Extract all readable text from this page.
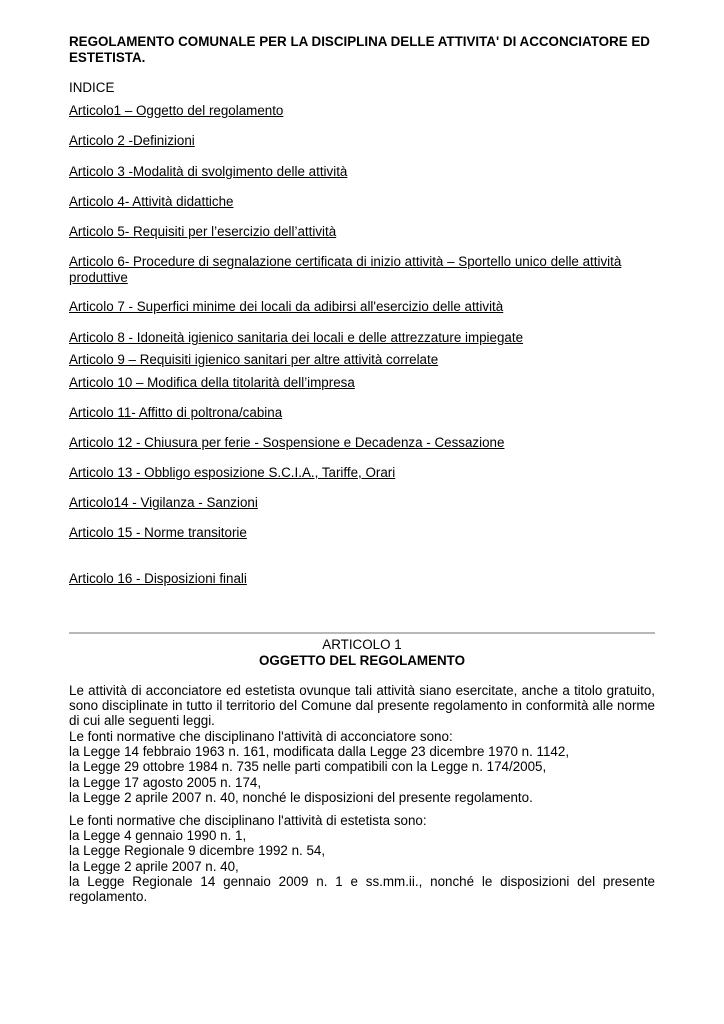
REGOLAMENTO COMUNALE PER LA DISCIPLINA DELLE ATTIVITA' DI ACCONCIATORE ED ESTETISTA.
INDICE
Articolo1 – Oggetto del regolamento
Articolo 2 -Definizioni
Articolo 3 -Modalità di svolgimento delle attività
Articolo 4- Attività didattiche
Articolo 5- Requisiti per l’esercizio dell’attività
Articolo 6- Procedure di segnalazione certificata di inizio attività – Sportello unico delle attività produttive
Articolo 7 - Superfici minime dei locali da adibirsi all'esercizio delle attività
Articolo 8 - Idoneità igienico sanitaria dei locali e delle attrezzature impiegate
Articolo 9 – Requisiti igienico sanitari per altre attività correlate
Articolo 10 – Modifica della titolarità dell’impresa
Articolo 11- Affitto di poltrona/cabina
Articolo 12 - Chiusura per ferie - Sospensione e Decadenza - Cessazione
Articolo 13 - Obbligo esposizione S.C.I.A., Tariffe, Orari
Articolo14 - Vigilanza - Sanzioni
Articolo 15 - Norme transitorie
Articolo 16 - Disposizioni finali
ARTICOLO 1
OGGETTO DEL REGOLAMENTO

Le attività di acconciatore ed estetista ovunque tali attività siano esercitate, anche a titolo gratuito, sono disciplinate in tutto il territorio del Comune dal presente regolamento in conformità alle norme di cui alle seguenti leggi.

Le fonti normative che disciplinano l'attività di acconciatore sono:
la Legge 14 febbraio 1963 n. 161, modificata dalla Legge 23 dicembre 1970 n. 1142,
la Legge 29 ottobre 1984 n. 735 nelle parti compatibili con la Legge n. 174/2005,
la Legge 17 agosto 2005 n. 174,
la Legge 2 aprile 2007 n. 40, nonché le disposizioni del presente regolamento.
Le fonti normative che disciplinano l'attività di estetista sono:
la Legge 4 gennaio 1990 n. 1,
la Legge Regionale 9 dicembre 1992 n. 54,
la Legge 2 aprile 2007 n. 40,
la Legge Regionale 14 gennaio 2009 n. 1 e ss.mm.ii., nonché le disposizioni del presente regolamento.
